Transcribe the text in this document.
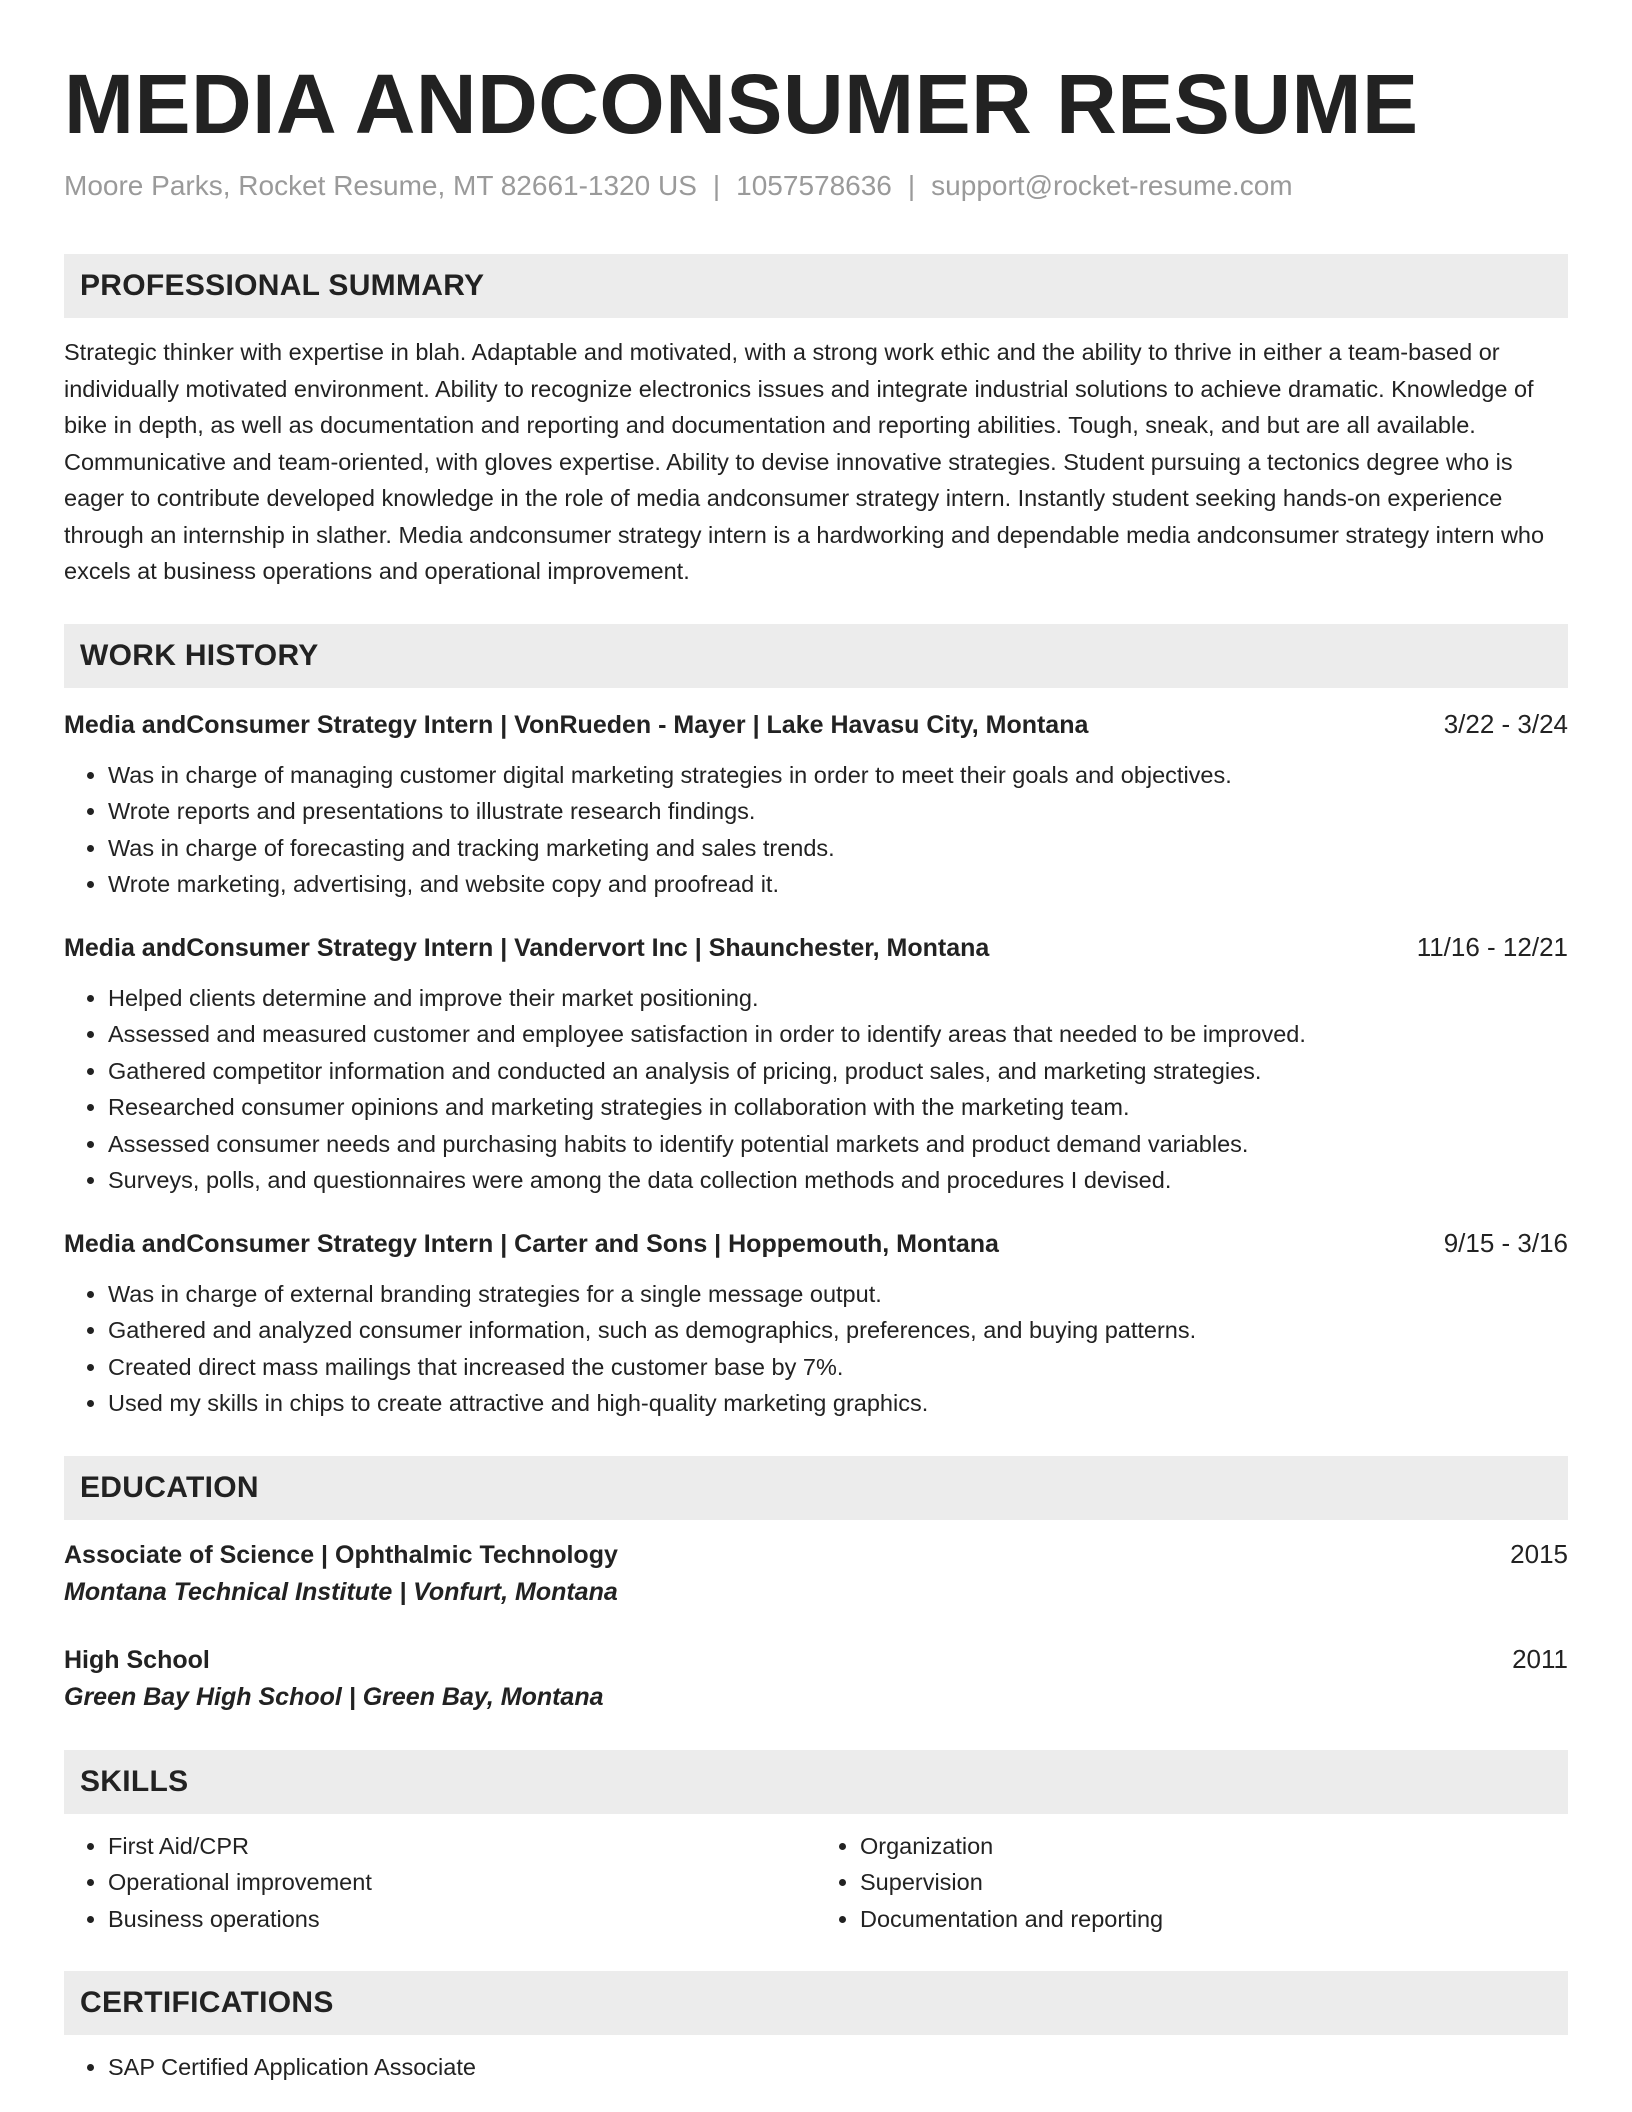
MEDIA ANDCONSUMER RESUME
Moore Parks, Rocket Resume, MT 82661-1320 US | 1057578636 | support@rocket-resume.com
PROFESSIONAL SUMMARY
Strategic thinker with expertise in blah. Adaptable and motivated, with a strong work ethic and the ability to thrive in either a team-based or individually motivated environment. Ability to recognize electronics issues and integrate industrial solutions to achieve dramatic. Knowledge of bike in depth, as well as documentation and reporting and documentation and reporting abilities. Tough, sneak, and but are all available. Communicative and team-oriented, with gloves expertise. Ability to devise innovative strategies. Student pursuing a tectonics degree who is eager to contribute developed knowledge in the role of media andconsumer strategy intern. Instantly student seeking hands-on experience through an internship in slather. Media andconsumer strategy intern is a hardworking and dependable media andconsumer strategy intern who excels at business operations and operational improvement.
WORK HISTORY
Media andConsumer Strategy Intern | VonRueden - Mayer | Lake Havasu City, Montana	3/22 - 3/24
• Was in charge of managing customer digital marketing strategies in order to meet their goals and objectives.
• Wrote reports and presentations to illustrate research findings.
• Was in charge of forecasting and tracking marketing and sales trends.
• Wrote marketing, advertising, and website copy and proofread it.
Media andConsumer Strategy Intern | Vandervort Inc | Shaunchester, Montana	11/16 - 12/21
• Helped clients determine and improve their market positioning.
• Assessed and measured customer and employee satisfaction in order to identify areas that needed to be improved.
• Gathered competitor information and conducted an analysis of pricing, product sales, and marketing strategies.
• Researched consumer opinions and marketing strategies in collaboration with the marketing team.
• Assessed consumer needs and purchasing habits to identify potential markets and product demand variables.
• Surveys, polls, and questionnaires were among the data collection methods and procedures I devised.
Media andConsumer Strategy Intern | Carter and Sons | Hoppemouth, Montana	9/15 - 3/16
• Was in charge of external branding strategies for a single message output.
• Gathered and analyzed consumer information, such as demographics, preferences, and buying patterns.
• Created direct mass mailings that increased the customer base by 7%.
• Used my skills in chips to create attractive and high-quality marketing graphics.
EDUCATION
Associate of Science | Ophthalmic Technology	2015
Montana Technical Institute | Vonfurt, Montana
High School	2011
Green Bay High School | Green Bay, Montana
SKILLS
• First Aid/CPR
• Operational improvement
• Business operations
• Organization
• Supervision
• Documentation and reporting
CERTIFICATIONS
• SAP Certified Application Associate
